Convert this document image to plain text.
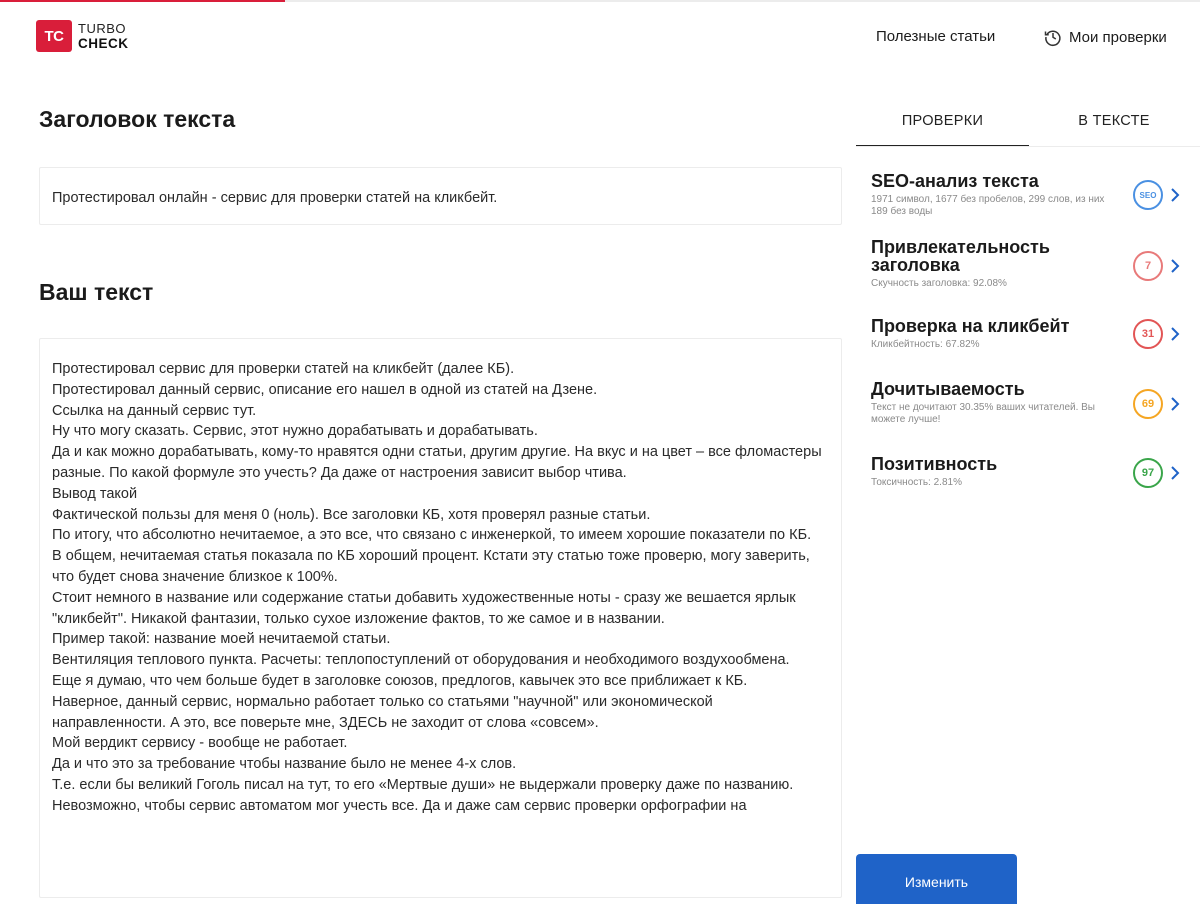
TC	TURBO
CHECK	Полезные статьи	Мои проверки
Заголовок текста
Протестировал онлайн - сервис для проверки статей на кликбейт.
Ваш текст

Протестировал сервис для проверки статей на кликбейт (далее КБ).

Протестировал данный сервис, описание его нашел в одной из статей на Дзене.

Ссылка на данный сервис тут.

Ну что могу сказать. Сервис, этот нужно дорабатывать и дорабатывать.

Да и как можно дорабатывать, кому-то нравятся одни статьи, другим другие. На вкус и на цвет – все фломастеры разные. По какой формуле это учесть? Да даже от настроения зависит выбор чтива.

Вывод такой

Фактической пользы для меня 0 (ноль). Все заголовки КБ, хотя проверял разные статьи.

По итогу, что абсолютно нечитаемое, а это все, что связано с инженеркой, то имеем хорошие показатели по КБ.

В общем, нечитаемая статья показала по КБ хороший процент. Кстати эту статью тоже проверю, могу заверить, что будет снова значение близкое к 100%.

Стоит немного в название или содержание статьи добавить художественные ноты - сразу же вешается ярлык "кликбейт". Никакой фантазии, только сухое изложение фактов, то же самое и в названии.

Пример такой: название моей нечитаемой статьи.

Вентиляция теплового пункта. Расчеты: теплопоступлений от оборудования и необходимого воздухообмена.

Еще я думаю, что чем больше будет в заголовке союзов, предлогов, кавычек это все приближает к КБ.

Наверное, данный сервис, нормально работает только со статьями "научной" или экономической направленности. А это, все поверьте мне, ЗДЕСЬ не заходит от слова «совсем».

Мой вердикт сервису - вообще не работает.

Да и что это за требование чтобы название было не менее 4-х слов.

Т.е. если бы великий Гоголь писал на тут, то его «Мертвые души» не выдержали проверку даже по названию.

Невозможно, чтобы сервис автоматом мог учесть все. Да и даже сам сервис проверки орфографии на

ПРОВЕРКИ	В ТЕКСТЕ
SEO-анализ текста
1971 символ, 1677 без пробелов, 299 слов, из них 189 без воды
SEO
Привлекательность заголовка
Скучность заголовка: 92.08%
7
Проверка на кликбейт
Кликбейтность: 67.82%
31
Дочитываемость
Текст не дочитают 30.35% ваших читателей. Вы можете лучше!
69
Позитивность
Токсичность: 2.81%
97
Изменить
